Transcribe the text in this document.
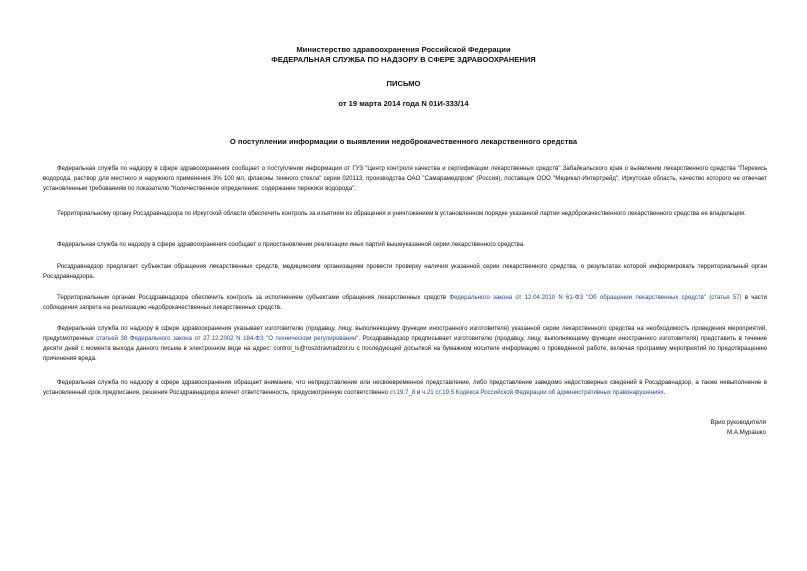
Министерство здравоохранения Российской Федерации
ФЕДЕРАЛЬНАЯ СЛУЖБА ПО НАДЗОРУ В СФЕРЕ ЗДРАВООХРАНЕНИЯ
ПИСЬМО
от 19 марта 2014 года N 01И-333/14
О поступлении информации о выявлении недоброкачественного лекарственного средства

Федеральная служба по надзору в сфере здравоохранения сообщает о поступлении информации от ГУЗ "Центр контроля качества и сертификации лекарственных средств" Забайкальского края о выявлении лекарственного средства "Перекись водорода, раствор для местного и наружного применения 3% 100 мл, флаконы темного стекла" серии 020113, производства ОАО "Самарамедпром" (Россия), поставщик ООО "Медикал-Интертрейд", Иркутская область, качество которого не отвечает установленным требованиям по показателю "Количественное определение: содержание перекиси водорода".

Территориальному органу Росздравнадзора по Иркутской области обеспечить контроль за изъятием из обращения и уничтожением в установленном порядке указанной партии недоброкачественного лекарственного средства ее владельцем.

Федеральная служба по надзору в сфере здравоохранения сообщает о приостановлении реализации иных партий вышеуказанной серии лекарственного средства.

Росздравнадзор предлагает субъектам обращения лекарственных средств, медицинским организациям провести проверку наличия указанной серии лекарственного средства, о результатах которой информировать территориальный орган Росздравнадзора.

Территориальным органам Росздравнадзора обеспечить контроль за исполнением субъектами обращения лекарственных средств Федерального закона от 12.04.2010 N 61-ФЗ "Об обращении лекарственных средств" (статья 57) в части соблюдения запрета на реализацию недоброкачественных лекарственных средств.

Федеральная служба по надзору в сфере здравоохранения указывает изготовителю (продавцу, лицу, выполняющему функции иностранного изготовителя) указанной серии лекарственного средства на необходимость проведения мероприятий, предусмотренных статьей 38 Федерального закона от 27.12.2002 N 184-ФЗ "О техническом регулировании". Росздравнадзор предписывает изготовителю (продавцу, лицу, выполняющему функции иностранного изготовителя) представить в течение десяти дней с момента выхода данного письма в электронном виде на адрес: control_ls@roszdravnadzor.ru с последующей досылкой на бумажном носителе информацию о проведенной работе, включая программу мероприятий по предотвращению причинения вреда.

Федеральная служба по надзору в сфере здравоохранения обращает внимание, что непредставление или несвоевременное представление, либо представление заведомо недостоверных сведений в Росздравнадзор, а также невыполнение в установленный срок предписания, решения Росздравнадзора влечет ответственность, предусмотренную соответственно ст.19.7_8 и ч.21 ст.19.5 Кодекса Российской Федерации об административных правонарушениях.

Врио руководителя
М.А.Мурашко
